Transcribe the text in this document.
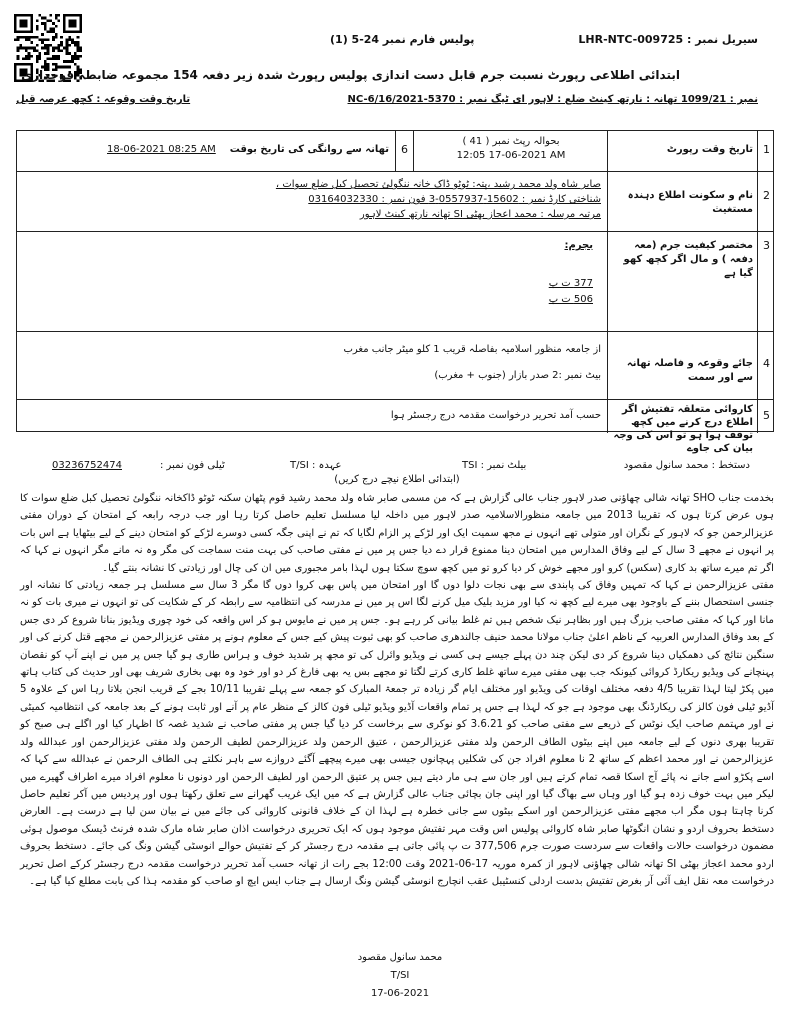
پولیس فارم نمبر 24-5 (1)	سیریل نمبر : LHR-NTC-009725
ابتدائی اطلاعی رپورٹ نسبت جرم قابل دست اندازی پولیس رپورٹ شدہ زیر دفعہ 154 مجموعہ ضابطہ فوجداری
نمبر : 1099/21 تھانہ : نارتھ کینٹ ضلع : لاہور ای ٹیگ نمبر : NC-6/16/2021-5370
تاریخ وقت وقوعہ : کچھ عرصہ قبل
1
تاریخ وقت رپورٹ
بحوالہ رپٹ نمبر ( 41 )
17-06-2021 12:05 AM
6
تھانہ سے روانگی کی تاریخ بوقت
18-06-2021 08:25 AM
2
نام و سکونت اطلاع دہندہ مستغیث
صابر شاہ ولد محمد رشید ،پتہ: ٹوٹو ڈاک خانہ ننگولئ تحصیل کبل ضلع سوات ،
شناختی کارڈ نمبر : 15602-0557937-3 فون نمبر : 03164032330
مرتبہ مرسلہ : محمد اعجاز بھٹی SI تھانہ نارتھ کینٹ لاہور
3
مختصر کیفیت جرم (معہ دفعہ ) و مال اگر کچھ کھو گیا ہے
بجرم:
377 ت پ
506 ت پ
4
جائے وقوعہ و فاصلہ تھانہ سے اور سمت
از جامعہ منظور اسلامیہ بفاصلہ قریب 1 کلو میٹر جانب مغرب
بیٹ نمبر :2 صدر بازار (جنوب + مغرب)
5
کاروائی متعلقہ تفتیش اگر اطلاع درج کرنے میں کچھ توقف ہوا ہو تو اس کی وجہ بیان کی جاوے
حسب آمد تحریر درخواست مقدمہ درج رجسٹر ہوا
دستخط : محمد سانول مقصود
بیلٹ نمبر : TSI
عہدہ : T/SI
ٹیلی فون نمبر :
03236752474
(ابتدائی اطلاع نیچے درج کریں)

بخدمت جناب SHO تھانہ شالی چھاؤنی صدر لاہور جناب عالی گزارش ہے کہ من مسمی صابر شاہ ولد محمد رشید قوم پٹھان سکنہ ٹوٹو ڈاکخانہ ننگولئ تحصیل کبل ضلع سوات کا ہوں عرض کرتا ہوں کہ تقریبا 2013 میں جامعہ منظورالاسلامیہ صدر لاہور میں داخلہ لیا مسلسل تعلیم حاصل کرتا رہا اور جب درجہ رابعہ کے امتحان کے دوران مفتی عزیزالرحمن جو کہ لاہور کے نگران اور متولی تھے انہوں نے مجھ سمیت ایک اور لڑکے پر الزام لگایا کہ تم نے اپنی جگہ کسی دوسرے لڑکے کو امتحان دینے کے لیے بیٹھایا ہے اس بات پر انہوں نے مجھے 3 سال کے لیے وفاق المدارس میں امتحان دینا ممنوع قرار دے دیا جس پر میں نے مفتی صاحب کی بہت منت سماجت کی مگر وہ نہ مانے مگر انہوں نے کہا کہ اگر تم میرے ساتھ بد کاری (سکس) کرو اور مجھے خوش کر دیا کرو تو میں کچھ سوچ سکتا ہوں لہذا بامر مجبوری میں ان کی چال اور زیادتی کا نشانہ بنتے گیا۔

مفتی عزیزالرحمن نے کہا کہ تمہیں وفاق کی پابندی سے بھی نجات دلوا دوں گا اور امتحان میں پاس بھی کروا دوں گا مگر 3 سال سے مسلسل ہر جمعہ زیادتی کا نشانہ اور جنسی استحصال بننے کے باوجود بھی میرے لیے کچھ نہ کیا اور مزید بلیک میل کرنے لگا اس پر میں نے مدرسہ کی انتظامیہ سے رابطہ کر کے شکایت کی تو انہوں نے میری بات کو نہ مانا اور کہا کہ مفتی صاحب بزرگ ہیں اور بظاہر نیک شخص ہیں تم غلط بیانی کر رہے ہو۔ جس پر میں نے مایوس ہو کر اس واقعہ کی خود چوری ویڈیوز بنانا شروع کر دی جس کے بعد وفاق المدارس العربیہ کے ناظم اعلیٰ جناب مولانا محمد حنیف جالندھری صاحب کو بھی ثبوت پیش کیے جس کے معلوم ہونے پر مفتی عزیزالرحمن نے مجھے قتل کرنے کی اور سنگین نتائج کی دھمکیاں دینا شروع کر دی لیکن چند دن پہلے جیسے ہی کسی نے ویڈیو وائرل کی تو مجھ پر شدید خوف و ہراس طاری ہو گیا جس پر میں نے اپنے آپ کو نقصان پہنچانے کی ویڈیو ریکارڈ کروائی کیونکہ جب بھی مفتی میرے ساتھ غلط کاری کرتے لگتا تو مجھے بس یہ بھی فارغ کر دو اور خود وہ بھی بخاری شریف بھی اور حدیث کی کتاب ہاتھ میں پکڑ لیتا لہذا تقریبا 4/5 دفعہ مختلف اوقات کی ویڈیو اور مختلف ایام گر زیادہ تر جمعۃ المبارک کو جمعہ سے پہلے تقریبا 10/11 بجے کے قریب انجن بلاتا رہا اس کے علاوہ 5 آڈیو ٹیلی فون کالز کی ریکارڈنگ بھی موجود ہے جو کہ لہذا ہے جس پر تمام واقعات آڈیو ویڈیو ٹیلی فون کالز کے منظر عام پر آنے اور ثابت ہونے کے بعد جامعہ کی انتظامیہ کمیٹی نے اور مہتمم صاحب ایک نوٹس کے ذریعے سے مفتی صاحب کو 3.6.21 کو نوکری سے برخاست کر دیا گیا جس پر مفتی صاحب نے شدید غصہ کا اظہار کیا اور اگلے ہی صبح کو تقریبا بھری دنوں کے لیے جامعہ میں اپنے بیٹوں الطاف الرحمن ولد مفتی عزیزالرحمن ، عتیق الرحمن ولد عزیزالرحمن لطیف الرحمن ولد مفتی عزیزالرحمن اور عبدالله ولد عزیزالرحمن نے اور محمد اعظم کے ساتھ 2 نا معلوم افراد جن کی شکلیں پہچانوں جیسی بھی میرے پیچھے آگئے دروازے سے باہر نکلتے ہی الطاف الرحمن نے عبدالله سے کہا کہ اسے پکڑو اسے جانے نہ پائے آج اسکا قصہ تمام کرتے ہیں اور جان سے ہی مار دیتے ہیں جس پر عتیق الرحمن اور لطیف الرحمن اور دونوں نا معلوم افراد میرے اطراف گھیرے میں لیکر میں بہت خوف زدہ ہو گیا اور وہاں سے بھاگ گیا اور اپنی جان بچائی جناب عالی گزارش ہے کہ میں ایک غریب گھرانے سے تعلق رکھتا ہوں اور پردیس میں آکر تعلیم حاصل کرنا چاہتا ہوں مگر اب مجھے مفتی عزیزالرحمن اور اسکے بیٹوں سے جانی خطرہ ہے لہذا ان کے خلاف قانونی کاروائی کی جائے میں نے بیان سن لیا ہے درست ہے۔ العارض دستخط بحروف اردو و نشان انگوٹھا صابر شاہ کاروائی پولیس اس وقت مہر تفتیش موجود ہوں کہ ایک تحریری درخواست اذان صابر شاہ مارک شدہ فرنٹ ڈیسک موصول ہوئی مضمون درخواست حالات واقعات سے سردست صورت جرم 377,506 ت پ پائی جاتی ہے مقدمہ درج رجسٹر کر کے تفتیش حوالے انوسٹی گیشن ونگ کی جائے۔ دستخط بحروف اردو محمد اعجاز بھٹی SI تھانہ شالی چھاؤنی لاہور از کمرہ موریہ 17-06-2021 وقت 12:00 بجے رات از تھانہ حسب آمد تحریر درخواست مقدمہ درج رجسٹر کرکے اصل تحریر درخواست معہ نقل ایف آئی آر بغرض تفتیش بدست اردلی کنسٹیبل عقب انچارج انوسٹی گیشن ونگ ارسال ہے جناب ایس ایچ او صاحب کو مقدمہ ہذا کی بابت مطلع کیا گیا ہے۔

محمد سانول مقصود
T/SI
17-06-2021
